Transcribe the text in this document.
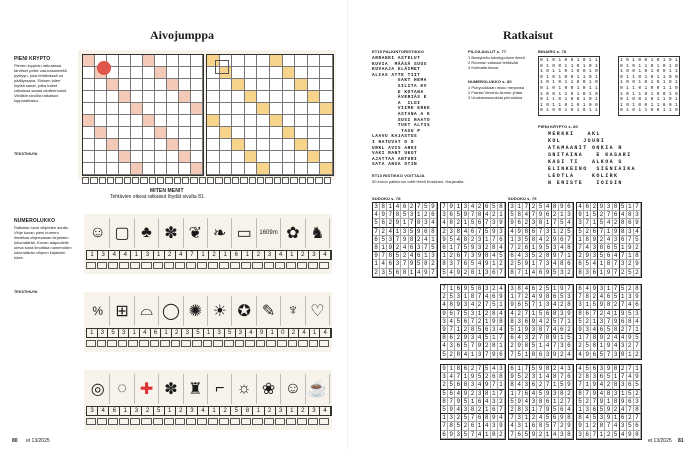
Aivojumppa
PIENI KRYPTO
Pienen kryptoin ratkotessa tarvitset pelkk vaa-kasanneitä pystyyn, joka tehtävässä on päällyssana. Sinisen tulee löytää sanat, jotka tuleet ratkaisua sanaa alotteenvalot. Vieläkin sivuilla ratkaisun loppuratkaisu.
TEKSTIHUYA
MITEN MENIT
Tehtävien oikeat ratkaisut löydät sivulta 81.
NUMEROLUKKO
Ratkaise luvut vihjeiden avulla. Vihje kuvan pieni numero ilmoittaa vihjeesanan kirjainten lukumäärän. Kuvan alapuolelle oleva sana ilmoittaa numeroiden lukumäärän vihjeen kirjaimiin tulee.
TEKSTIHUYA
☺ ▢ ♣ ✽ ❦ ❧ ▭	1609m ✿ ♞
1	3	4	4	1	3	1	2	4	7	1	2	1	6	1	2	3	4	1	2	3	4
% ⊞ ⌓ ◯ ✺ ☀ ✪ ✎ ♆ ♡
1	3	5	3	1	4	6	1	2	3	5	1	3	5	3	4	9	1	0	2	4	1	4
◎ ◌ ✚ ✽ ♜ ⌐ ☼ ❀ ☺ ☕
3	4	6	1	3	2	5	1	2	3	4	1	2	5	8	1	2	3	1	2	3	4
80 et 13/2025
Ratkaisut
ET15 PALKINTORISTIKKO
ARRAKKI ASTELUT
KUVIA  MÄÄSÄ SUUS
KUVAAJA ELÄIMET
ALIAS ATTE TIIT
SAKT HEMA
SILITA KV
E KOTANA
ÄVERIÄS E
A  ILOI
VIIME ERKE
ASTANA A K
SUSI RAATO
TUET ALTIS
TASU P
LAAVU KAJASTUS
I NATUVAT O O
URKL AVIS ARKI
VAKI RANT UKOT
AJATTAA ANTURI
SATA ANSA OTIN
ET13 RISTIKKO VOITTAJA
50 euron palkinnon voitti Heidi Koskinen, Harjavalta.
PILOILAULUT s. 77
1 Bestybeliu kävelypolven ilmeä
2 Rooman valtuust tehtävää
3 Kolmatta ilmaa
NUMEROLUKKO s. 80
1 Pubyoukkaan muku merjansa
2 Frantsi Vecchio Armon yhtaa
3 Unokanasavuksia pieroluksa
BINAIRO s. 78
0 1 0 1 0 0 1 0 1 1
0 1 0 0 1 1 0 1 0 1
1 0 1 1 0 1 0 0 1 0
0 1 0 1 0 0 1 1 0 1
1 0 1 0 1 1 0 0 1 0
0 1 0 1 0 0 1 0 1 1
1 0 0 1 1 0 1 0 1 0
0 1 1 0 1 0 0 1 0 1
1 0 1 1 0 1 0 1 0 0
0 1 0 0 1 0 1 0 1 1
1 0 1 0 0 1 0 1 0 1
0 1 0 1 1 0 1 0 1 0
1 0 0 1 0 1 0 0 1 1
0 1 1 0 1 0 1 1 0 0
1 0 0 1 0 1 0 1 0 1
0 1 1 0 1 0 0 1 1 0
1 0 1 1 0 1 0 0 1 0
0 1 0 0 1 0 1 1 0 1
1 0 1 0 0 1 1 0 0 1
0 1 0 1 1 0 0 1 1 0
PIENI KRYPTO s. 80
MERKKI   AKL
KOL     JUURI
ATAMAANIT ONKIA R
SNITAINA   E KASARI
KASI TI   ALKOA S
ELINKEINO  SIENIAIKA
LEOTLA    KOLIRK
N ERISTE   IOISIN
SUDOKU s. 78	SUDOKU s. 79
3 8 1 4 6 2 7 5 9
4 9 7 8 5 3 1 2 6
5 6 2 9 1 7 8 3 4
7 2 4 1 3 5 9 6 8
6 5 3 7 9 8 2 4 1
8 1 9 2 4 6 3 7 5
9 7 8 5 2 4 6 1 3
1 4 6 3 7 9 5 8 2
2 3 5 6 8 1 4 9 7
7 9 1 3 4 2 6 5 8
3 6 5 9 7 8 4 2 1
4 8 2 1 5 6 7 3 9
2 3 8 4 6 7 5 9 3
9 5 4 8 2 3 1 7 6
6 1 7 5 9 3 2 8 4
1 2 6 7 3 9 8 4 5
8 3 7 6 5 4 9 1 2
5 4 9 2 8 1 3 6 7
3 1 7 2 5 4 8 9 6
5 8 4 7 9 6 2 1 3
9 6 2 3 8 1 7 5 4
4 9 8 6 7 3 1 2 5
1 3 5 8 4 2 9 6 7
7 2 6 1 9 5 3 4 8
6 4 3 5 2 8 9 7 1
2 5 9 1 7 3 4 8 6
8 7 1 4 6 9 5 3 2
4 6 2 9 3 8 5 1 7
9 1 5 2 7 6 4 8 3
3 7 1 5 4 2 8 6 9
5 2 6 7 1 9 8 3 4
1 8 9 2 4 3 6 7 5
7 4 3 8 6 5 1 9 2
2 9 3 5 6 4 7 1 8
6 5 4 1 8 7 3 2 9
8 3 6 1 9 7 2 5 2
7 1 6 9 5 8 3 2 4
2 5 3 1 8 7 4 6 9
4 8 9 3 4 2 7 5 1
9 6 7 5 3 1 2 8 4
3 4 5 6 7 2 1 9 8
9 7 1 2 8 5 6 3 4
8 6 2 9 3 4 5 1 7
4 3 6 5 7 9 2 8 1
5 2 8 4 1 3 7 9 6
3 8 4 6 2 5 1 9 7
1 7 2 4 9 8 6 5 3
9 6 5 7 1 3 4 2 8
4 2 7 1 5 6 8 3 9
8 3 6 9 4 2 5 7 1
5 1 9 3 8 7 4 6 2
6 4 3 2 7 8 9 1 5
2 9 8 5 1 4 7 3 6
7 5 1 8 6 3 9 2 4
6 4 9 3 1 7 5 2 8
7 8 2 4 6 5 1 3 9
3 1 5 9 8 2 7 4 6
8 6 7 2 4 1 9 5 3
5 2 1 3 7 9 6 8 4
9 3 4 6 5 8 2 7 1
1 7 8 9 2 4 4 9 5
2 5 8 1 9 4 3 2 7
4 9 6 5 7 3 8 1 2
9 1 8 6 2 7 5 4 3
3 4 7 1 9 5 2 6 8
2 5 6 8 3 4 9 7 1
5 6 4 9 2 3 8 1 7
8 7 9 5 1 6 4 3 2
5 9 4 3 8 2 1 6 7
1 3 2 5 7 6 8 9 4
7 8 5 2 6 1 4 3 9
6 9 3 5 7 4 1 8 2
6 1 7 5 9 8 2 4 3
9 5 2 3 1 4 8 7 6
8 4 3 6 2 7 1 5 9
1 7 6 4 5 9 3 8 2
5 9 4 3 8 6 1 2 7
2 8 3 1 7 9 5 6 4
7 3 1 2 4 5 6 9 8
4 3 1 6 8 5 7 2 9
7 6 5 9 2 1 4 3 8
4 5 6 3 9 8 2 7 1
2 8 3 6 5 1 7 4 9
7 1 9 4 2 8 3 6 5
8 7 9 4 8 3 1 5 2
5 2 7 9 1 8 9 6 3
1 3 6 5 9 2 4 7 8
8 4 5 3 9 1 6 2 7
9 1 2 8 7 4 3 5 6
3 6 7 1 2 5 4 9 8
et 13/2025 81
